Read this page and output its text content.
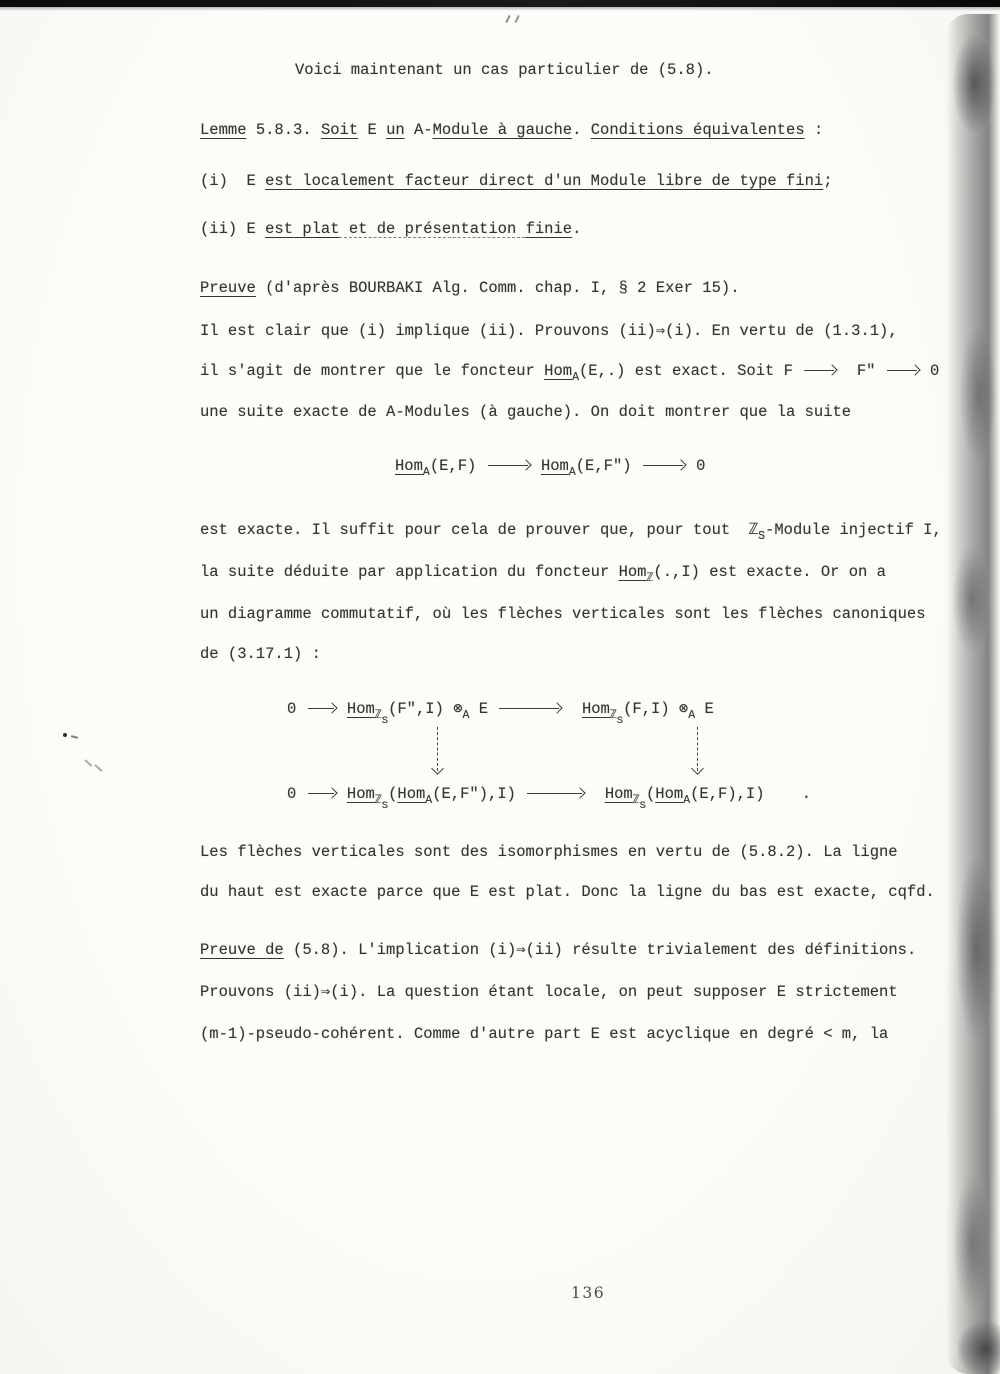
Voici maintenant un cas particulier de (5.8).
Lemme 5.8.3. Soit E un A-Module à gauche. Conditions équivalentes :
(i)  E est localement facteur direct d'un Module libre de type fini;
(ii) E est plat et de présentation finie.
Preuve (d'après BOURBAKI Alg. Comm. chap. I, § 2 Exer 15).
Il est clair que (i) implique (ii). Prouvons (ii)⇒(i). En vertu de (1.3.1),
il s'agit de montrer que le foncteur Hom$_A$(E,.) est exact. Soit F   F"  0
une suite exacte de A-Modules (à gauche). On doit montrer que la suite
Hom$_A$(E,F)	Hom$_A$(E,F")	0
est exacte. Il suffit pour cela de prouver que, pour tout  ℤ$_S$-Module injectif I,
la suite déduite par application du foncteur Hom$_ℤ$(.,I) est exacte. Or on a
un diagramme commutatif, où les flèches verticales sont les flèches canoniques
de (3.17.1) :
0	Hom$_{ℤS}$(F",I) $\otimes_A$ E	Hom$_{ℤS}$(F,I) $\otimes_A$ E
0	Hom$_{ℤS}$(Hom$_A$(E,F"),I)	Hom$_{ℤS}$(Hom$_A$(E,F),I)    .
Les flèches verticales sont des isomorphismes en vertu de (5.8.2). La ligne
du haut est exacte parce que E est plat. Donc la ligne du bas est exacte, cqfd.
Preuve de (5.8). L'implication (i)⇒(ii) résulte trivialement des définitions.
Prouvons (ii)⇒(i). La question étant locale, on peut supposer E strictement
(m-1)-pseudo-cohérent. Comme d'autre part E est acyclique en degré < m, la
136
